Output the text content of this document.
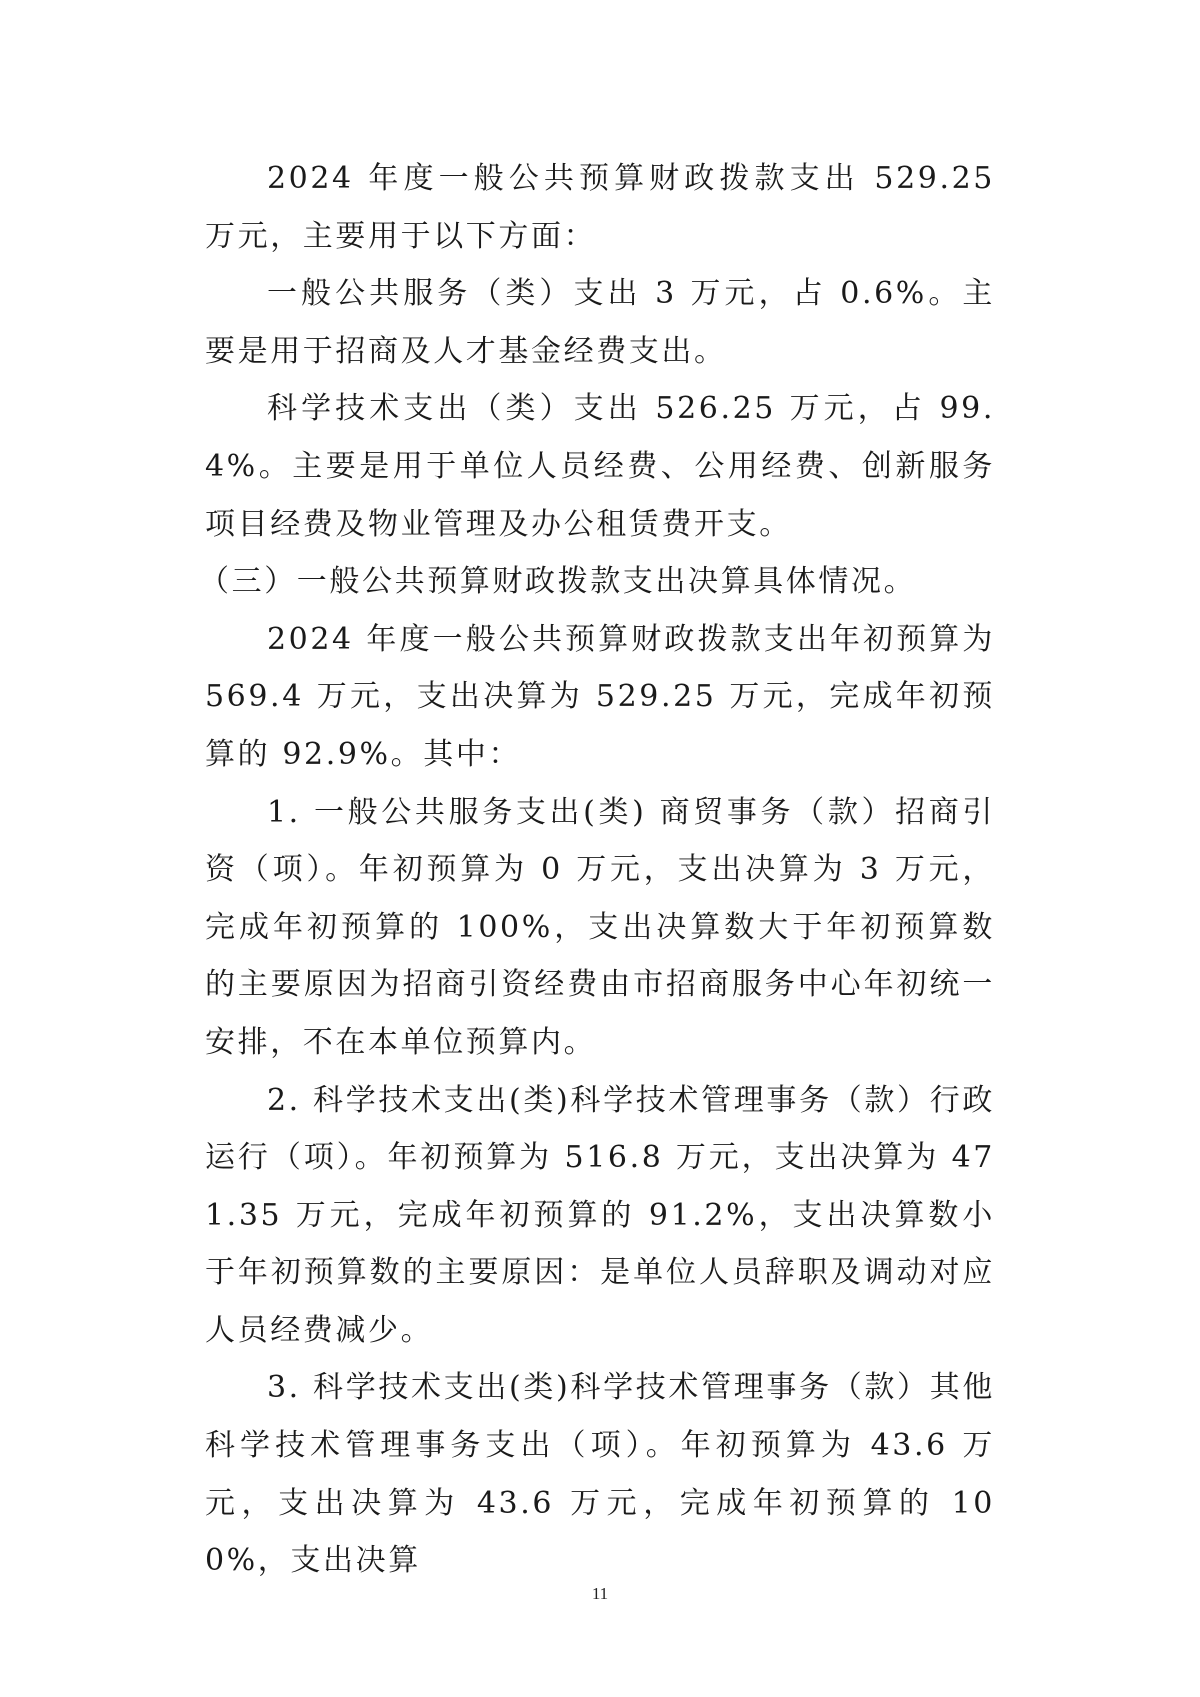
2024 年度一般公共预算财政拨款支出 529.25 万元，主要用于以下方面：

一般公共服务（类）支出 3 万元，占 0.6%。主要是用于招商及人才基金经费支出。

科学技术支出（类）支出 526.25 万元，占 99.4%。主要是用于单位人员经费、公用经费、创新服务项目经费及物业管理及办公租赁费开支。

（三）一般公共预算财政拨款支出决算具体情况。

2024 年度一般公共预算财政拨款支出年初预算为 569.4 万元，支出决算为 529.25 万元，完成年初预算的 92.9%。其中：

1. 一般公共服务支出(类) 商贸事务（款）招商引资（项）。年初预算为 0 万元，支出决算为 3 万元，完成年初预算的 100%，支出决算数大于年初预算数的主要原因为招商引资经费由市招商服务中心年初统一安排，不在本单位预算内。

2. 科学技术支出(类)科学技术管理事务（款）行政运行（项）。年初预算为 516.8 万元，支出决算为 471.35 万元，完成年初预算的 91.2%，支出决算数小于年初预算数的主要原因：是单位人员辞职及调动对应人员经费减少。

3. 科学技术支出(类)科学技术管理事务（款）其他科学技术管理事务支出（项）。年初预算为 43.6 万元，支出决算为 43.6 万元，完成年初预算的 100%，支出决算

11
